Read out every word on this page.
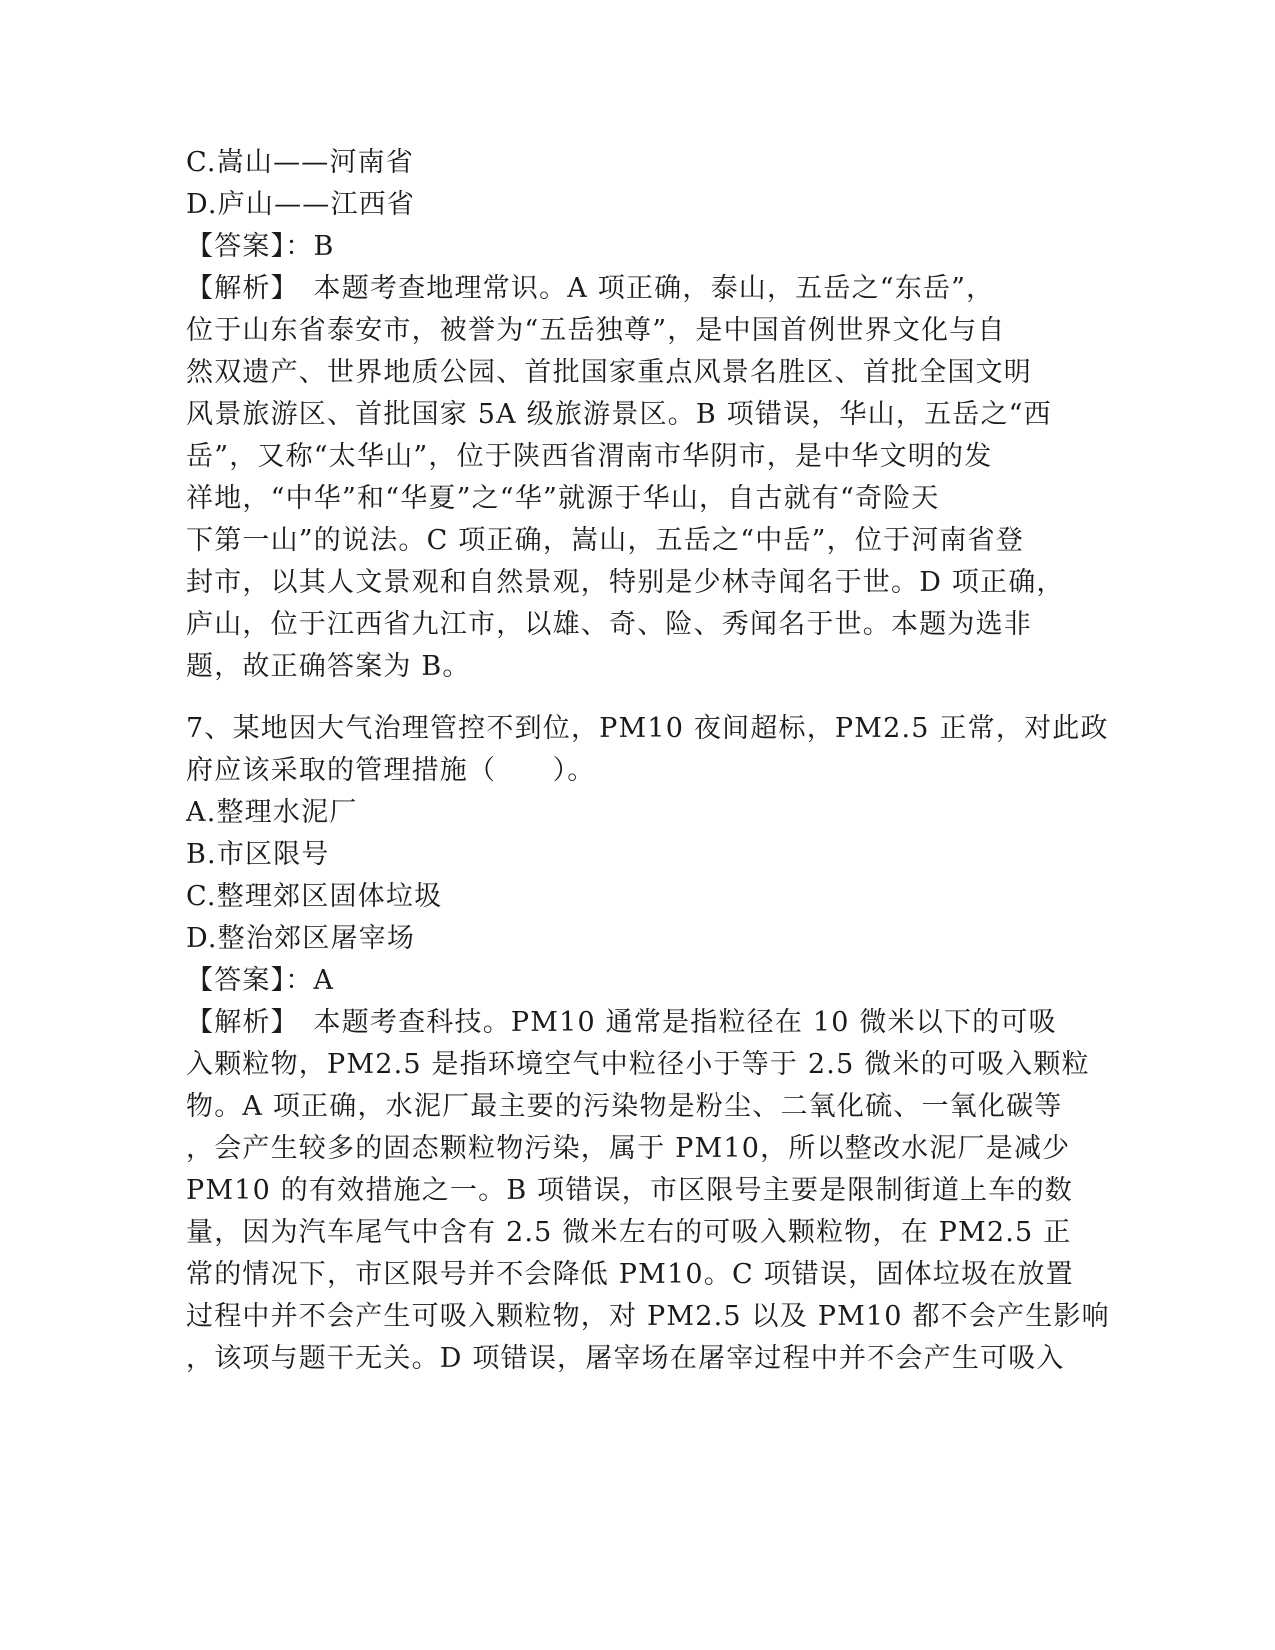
C.嵩山——河南省
D.庐山——江西省
【答案】：B
【解析】　本题考查地理常识。A 项正确，泰山，五岳之“东岳”，
位于山东省泰安市，被誉为“五岳独尊”，是中国首例世界文化与自
然双遗产、世界地质公园、首批国家重点风景名胜区、首批全国文明
风景旅游区、首批国家 5A 级旅游景区。B 项错误，华山，五岳之“西
岳”，又称“太华山”，位于陕西省渭南市华阴市，是中华文明的发
祥地，“中华”和“华夏”之“华”就源于华山，自古就有“奇险天
下第一山”的说法。C 项正确，嵩山，五岳之“中岳”，位于河南省登
封市，以其人文景观和自然景观，特别是少林寺闻名于世。D 项正确，
庐山，位于江西省九江市，以雄、奇、险、秀闻名于世。本题为选非
题，故正确答案为 B。
7、某地因大气治理管控不到位，PM10 夜间超标，PM2.5 正常，对此政
府应该采取的管理措施（　　）。
A.整理水泥厂
B.市区限号
C.整理郊区固体垃圾
D.整治郊区屠宰场
【答案】：A
【解析】　本题考查科技。PM10 通常是指粒径在 10 微米以下的可吸
入颗粒物，PM2.5 是指环境空气中粒径小于等于 2.5 微米的可吸入颗粒
物。A 项正确，水泥厂最主要的污染物是粉尘、二氧化硫、一氧化碳等
，会产生较多的固态颗粒物污染，属于 PM10，所以整改水泥厂是减少
PM10 的有效措施之一。B 项错误，市区限号主要是限制街道上车的数
量，因为汽车尾气中含有 2.5 微米左右的可吸入颗粒物，在 PM2.5 正
常的情况下，市区限号并不会降低 PM10。C 项错误，固体垃圾在放置
过程中并不会产生可吸入颗粒物，对 PM2.5 以及 PM10 都不会产生影响
，该项与题干无关。D 项错误，屠宰场在屠宰过程中并不会产生可吸入
